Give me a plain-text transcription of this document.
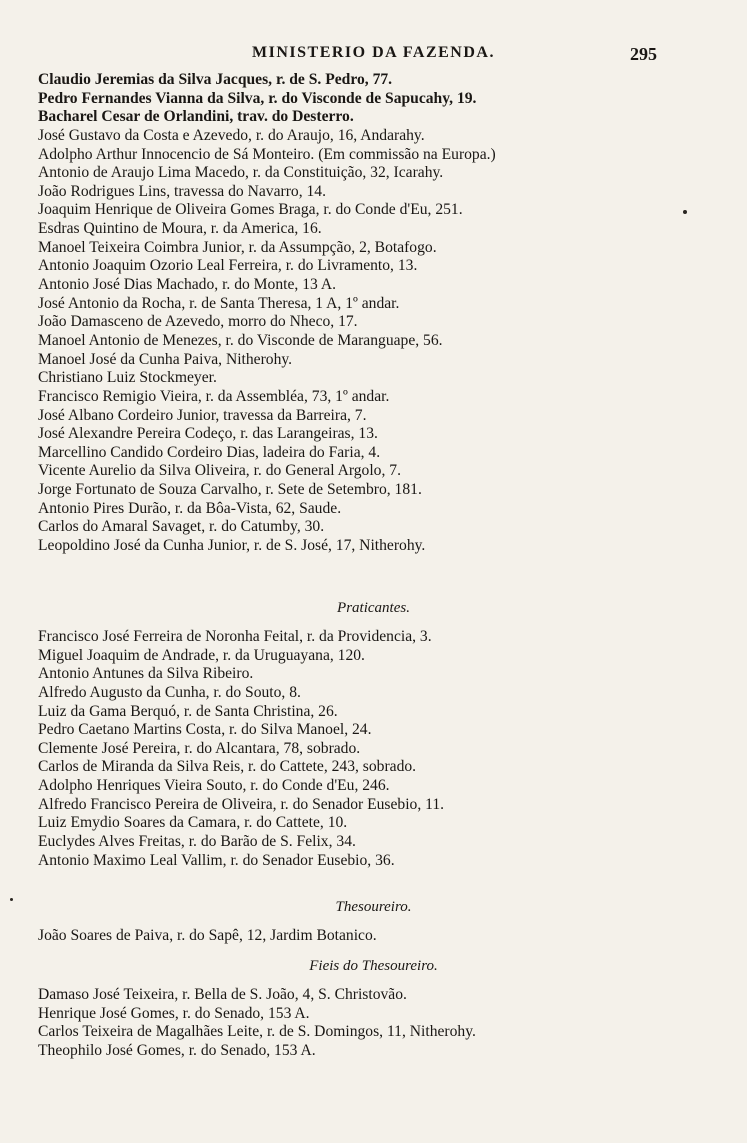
MINISTERIO DA FAZENDA.	295
Claudio Jeremias da Silva Jacques, r. de S. Pedro, 77.
Pedro Fernandes Vianna da Silva, r. do Visconde de Sapucahy, 19.
Bacharel Cesar de Orlandini, trav. do Desterro.
José Gustavo da Costa e Azevedo, r. do Araujo, 16, Andarahy.
Adolpho Arthur Innocencio de Sá Monteiro. (Em commissão na Europa.)
Antonio de Araujo Lima Macedo, r. da Constituição, 32, Icarahy.
João Rodrigues Lins, travessa do Navarro, 14.
Joaquim Henrique de Oliveira Gomes Braga, r. do Conde d'Eu, 251.
Esdras Quintino de Moura, r. da America, 16.
Manoel Teixeira Coimbra Junior, r. da Assumpção, 2, Botafogo.
Antonio Joaquim Ozorio Leal Ferreira, r. do Livramento, 13.
Antonio José Dias Machado, r. do Monte, 13 A.
José Antonio da Rocha, r. de Santa Theresa, 1 A, 1º andar.
João Damasceno de Azevedo, morro do Nheco, 17.
Manoel Antonio de Menezes, r. do Visconde de Maranguape, 56.
Manoel José da Cunha Paiva, Nitherohy.
Christiano Luiz Stockmeyer.
Francisco Remigio Vieira, r. da Assembléa, 73, 1º andar.
José Albano Cordeiro Junior, travessa da Barreira, 7.
José Alexandre Pereira Codeço, r. das Larangeiras, 13.
Marcellino Candido Cordeiro Dias, ladeira do Faria, 4.
Vicente Aurelio da Silva Oliveira, r. do General Argolo, 7.
Jorge Fortunato de Souza Carvalho, r. Sete de Setembro, 181.
Antonio Pires Durão, r. da Bôa-Vista, 62, Saude.
Carlos do Amaral Savaget, r. do Catumby, 30.
Leopoldino José da Cunha Junior, r. de S. José, 17, Nitherohy.
Praticantes.
Francisco José Ferreira de Noronha Feital, r. da Providencia, 3.
Miguel Joaquim de Andrade, r. da Uruguayana, 120.
Antonio Antunes da Silva Ribeiro.
Alfredo Augusto da Cunha, r. do Souto, 8.
Luiz da Gama Berquó, r. de Santa Christina, 26.
Pedro Caetano Martins Costa, r. do Silva Manoel, 24.
Clemente José Pereira, r. do Alcantara, 78, sobrado.
Carlos de Miranda da Silva Reis, r. do Cattete, 243, sobrado.
Adolpho Henriques Vieira Souto, r. do Conde d'Eu, 246.
Alfredo Francisco Pereira de Oliveira, r. do Senador Eusebio, 11.
Luiz Emydio Soares da Camara, r. do Cattete, 10.
Euclydes Alves Freitas, r. do Barão de S. Felix, 34.
Antonio Maximo Leal Vallim, r. do Senador Eusebio, 36.
Thesoureiro.
João Soares de Paiva, r. do Sapê, 12, Jardim Botanico.
Fieis do Thesoureiro.
Damaso José Teixeira, r. Bella de S. João, 4, S. Christovão.
Henrique José Gomes, r. do Senado, 153 A.
Carlos Teixeira de Magalhães Leite, r. de S. Domingos, 11, Nitherohy.
Theophilo José Gomes, r. do Senado, 153 A.
